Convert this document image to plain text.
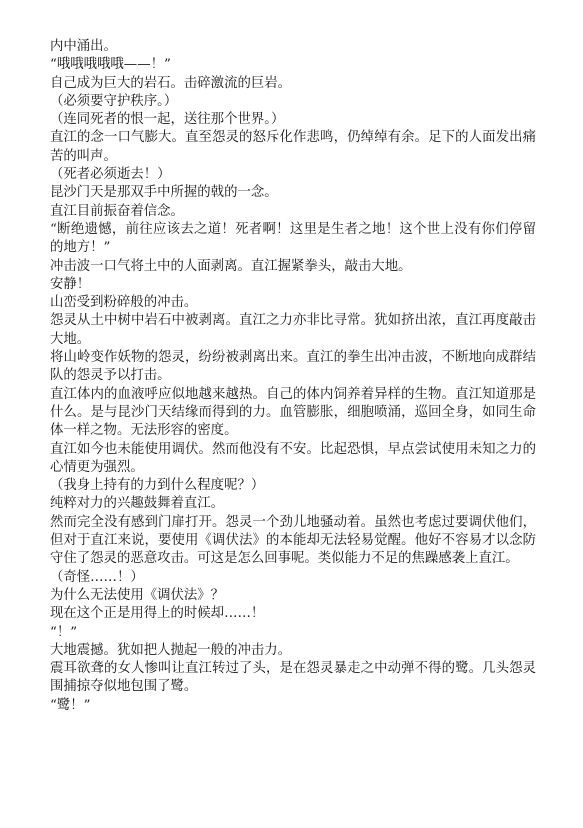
内中涌出。

“哦哦哦哦哦——！”

自己成为巨大的岩石。击碎激流的巨岩。

（必须要守护秩序。）

（连同死者的恨一起，送往那个世界。）

直江的念一口气膨大。直至怨灵的怒斥化作悲鸣，仍绰绰有余。足下的人面发出痛苦的叫声。

（死者必须逝去！）

昆沙门天是那双手中所握的戟的一念。

直江目前振奋着信念。

“断绝遗憾，前往应该去之道！死者啊！这里是生者之地！这个世上没有你们停留的地方！”

冲击波一口气将土中的人面剥离。直江握紧拳头，敲击大地。

安静！

山峦受到粉碎般的冲击。

怨灵从土中树中岩石中被剥离。直江之力亦非比寻常。犹如挤出浓，直江再度敲击大地。

将山岭变作妖物的怨灵，纷纷被剥离出来。直江的拳生出冲击波，不断地向成群结队的怨灵予以打击。

直江体内的血液呼应似地越来越热。自己的体内饲养着异样的生物。直江知道那是什么。是与昆沙门天结缘而得到的力。血管膨胀，细胞喷涌，巡回全身，如同生命体一样之物。无法形容的密度。

直江如今也未能使用调伏。然而他没有不安。比起恐惧，早点尝试使用未知之力的心情更为强烈。

（我身上持有的力到什么程度呢？）

纯粹对力的兴趣鼓舞着直江。

然而完全没有感到门扉打开。怨灵一个劲儿地骚动着。虽然也考虑过要调伏他们，但对于直江来说，要使用《调伏法》的本能却无法轻易觉醒。他好不容易才以念防守住了怨灵的恶意攻击。可这是怎么回事呢。类似能力不足的焦躁感袭上直江。

（奇怪……！）

为什么无法使用《调伏法》？

现在这个正是用得上的时候却……！

“！”

大地震撼。犹如把人抛起一般的冲击力。

震耳欲聋的女人惨叫让直江转过了头，是在怨灵暴走之中动弹不得的鹭。几头怨灵围捕掠夺似地包围了鹭。

“鹭！”
